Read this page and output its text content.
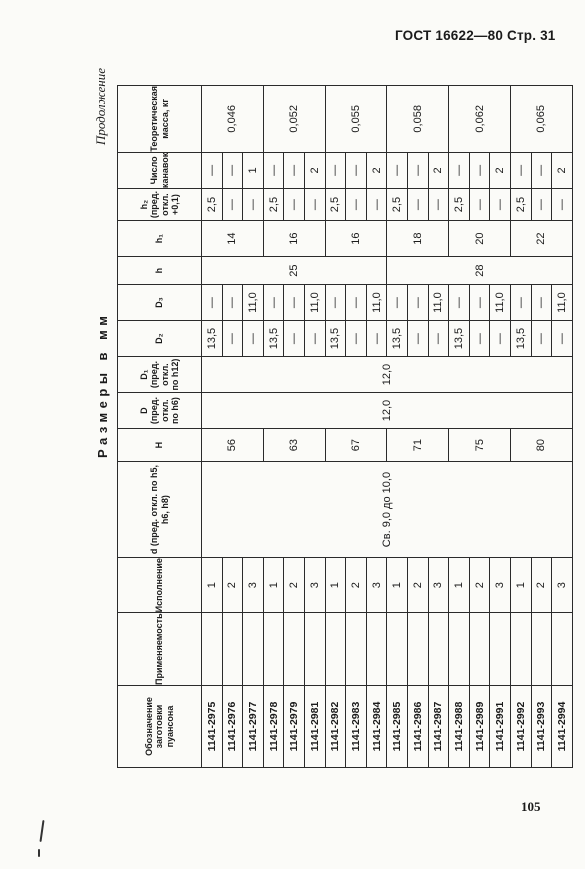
ГОСТ 16622—80 Стр. 31
Размеры в мм
Продолжение
Обозначение заготовки пуансона	Применяемость	Исполнение	d (пред. откл. по h5, h6, h8)	H	D (пред. откл. по h6)	D₁ (пред. откл. по h12)	D₂	D₃	h	h₁	h₂ (пред. откл. +0,1)	Число канавок	Теоретическая масса, кг
1141-2975		1	Св. 9,0 до 10,0	56	12,0	12,0	13,5	—	25	14	2,5	—	0,046
1141-2976		2					—	—			—	—	
1141-2977		3					—	11,0			—	1	
1141-2978		1		63			13,5	—		16	2,5	—	0,052
1141-2979		2					—	—			—	—	
1141-2981		3					—	11,0			—	2	
1141-2982		1		67			13,5	—		16	2,5	—	0,055
1141-2983		2					—	—			—	—	
1141-2984		3					—	11,0			—	2	
1141-2985		1		71			13,5	—	28	18	2,5	—	0,058
1141-2986		2					—	—			—	—	
1141-2987		3					—	11,0			—	2	
1141-2988		1		75			13,5	—		20	2,5	—	0,062
1141-2989		2					—	—			—	—	
1141-2991		3					—	11,0			—	2	
1141-2992		1		80			13,5	—		22	2,5	—	0,065
1141-2993		2					—	—			—	—	
1141-2994		3					—	11,0			—	2	
105
